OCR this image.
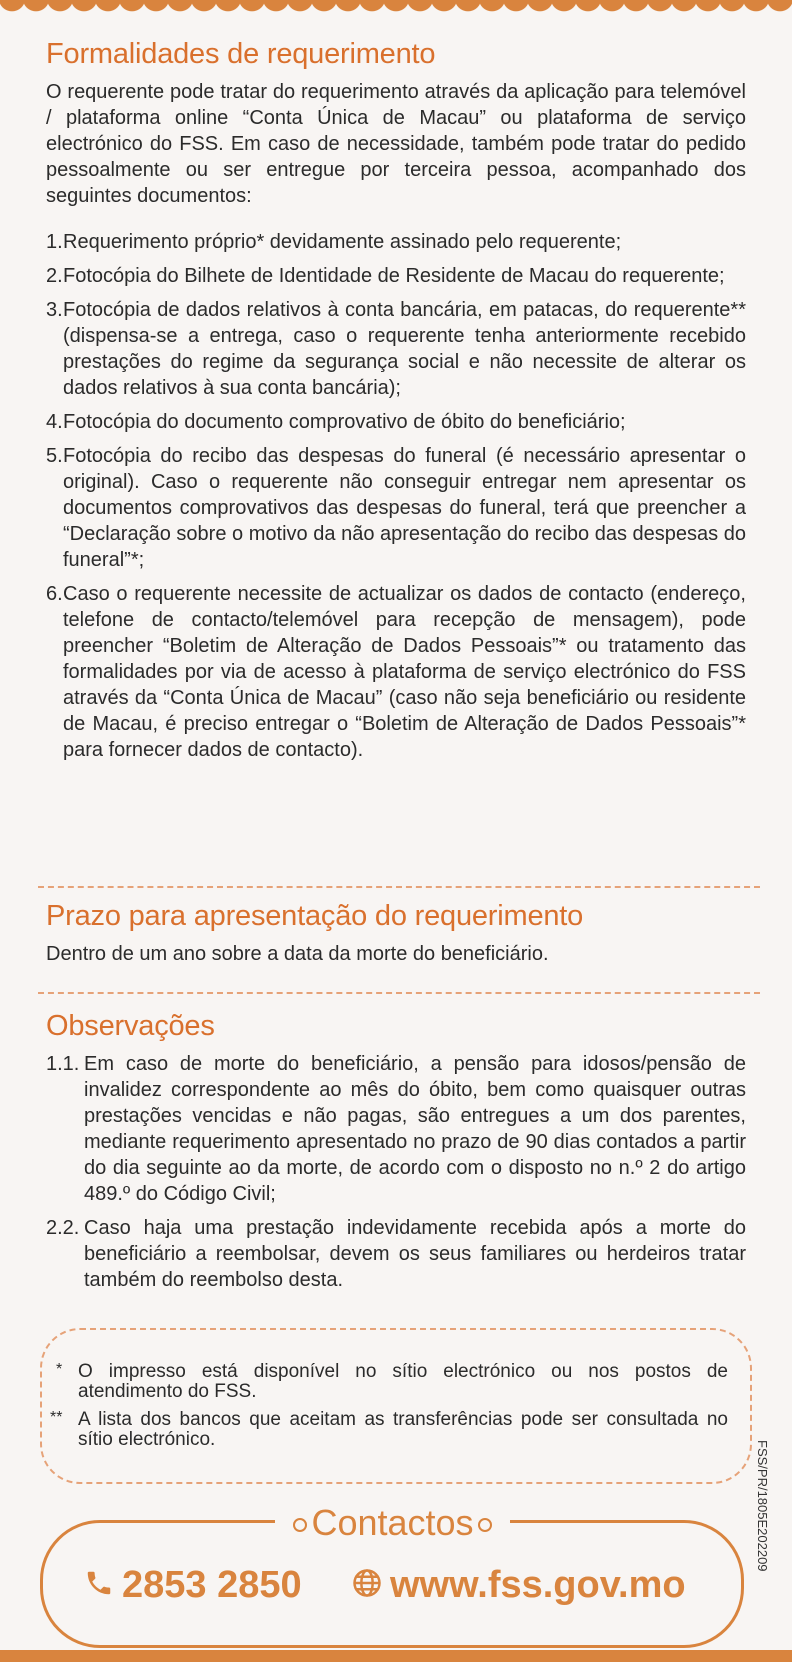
Formalidades de requerimento

O requerente pode tratar do requerimento através da aplicação para telemóvel / plataforma online “Conta Única de Macau” ou plataforma de serviço electrónico do FSS. Em caso de necessidade, também pode tratar do pedido pessoalmente ou ser entregue por terceira pessoa, acompanhado dos seguintes documentos:

1. Requerimento próprio* devidamente assinado pelo requerente;
2. Fotocópia do Bilhete de Identidade de Residente de Macau do requerente;
3. Fotocópia de dados relativos à conta bancária, em patacas, do requerente** (dispensa-se a entrega, caso o requerente tenha anteriormente recebido prestações do regime da segurança social e não necessite de alterar os dados relativos à sua conta bancária);
4. Fotocópia do documento comprovativo de óbito do beneficiário;
5. Fotocópia do recibo das despesas do funeral (é necessário apresentar o original). Caso o requerente não conseguir entregar nem apresentar os documentos comprovativos das despesas do funeral, terá que preencher a “Declaração sobre o motivo da não apresentação do recibo das despesas do funeral”*;
6. Caso o requerente necessite de actualizar os dados de contacto (endereço, telefone de contacto/telemóvel para recepção de mensagem), pode preencher “Boletim de Alteração de Dados Pessoais”* ou tratamento das formalidades por via de acesso à plataforma de serviço electrónico do FSS através da “Conta Única de Macau” (caso não seja beneficiário ou residente de Macau, é preciso entregar o “Boletim de Alteração de Dados Pessoais”* para fornecer dados de contacto).
Prazo para apresentação do requerimento

Dentro de um ano sobre a data da morte do beneficiário.

Observações
1.1. Em caso de morte do beneficiário, a pensão para idosos/pensão de invalidez correspondente ao mês do óbito, bem como quaisquer outras prestações vencidas e não pagas, são entregues a um dos parentes, mediante requerimento apresentado no prazo de 90 dias contados a partir do dia seguinte ao da morte, de acordo com o disposto no n.º 2 do artigo 489.º do Código Civil;
2.2. Caso haja uma prestação indevidamente recebida após a morte do beneficiário a reembolsar, devem os seus familiares ou herdeiros tratar também do reembolso desta.
* O impresso está disponível no sítio electrónico ou nos postos de atendimento do FSS.
** A lista dos bancos que aceitam as transferências pode ser consultada no sítio electrónico.
FSS/PR/1805E202209
Contactos
2853 2850	www.fss.gov.mo
